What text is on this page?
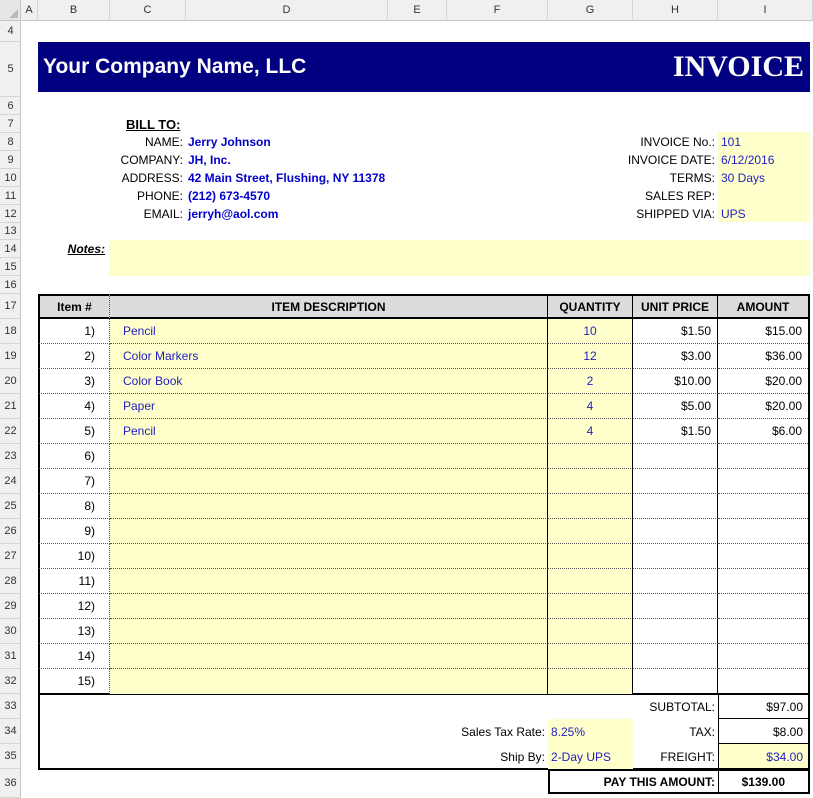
A	B	C	D	E	F	G	H	I
4
5
6
7
8
9
10
11
12
13
14
15
16
17
18
19
20
21
22
23
24
25
26
27
28
29
30
31
32
33
34
35
36
Your Company Name, LLC	INVOICE
BILL TO:
NAME: Jerry Johnson
COMPANY: JH, Inc.
ADDRESS: 42 Main Street, Flushing, NY 11378
PHONE: (212) 673-4570
EMAIL: jerryh@aol.com
INVOICE No.: 101
INVOICE DATE: 6/12/2016
TERMS: 30 Days
SALES REP:
SHIPPED VIA: UPS
Notes:
Item #	ITEM DESCRIPTION	QUANTITY	UNIT PRICE	AMOUNT
1)	Pencil	10	$1.50	$15.00
2)	Color Markers	12	$3.00	$36.00
3)	Color Book	2	$10.00	$20.00
4)	Paper	4	$5.00	$20.00
5)	Pencil	4	$1.50	$6.00
6)
7)
8)
9)
10)
11)
12)
13)
14)
15)
SUBTOTAL:	$97.00
Sales Tax Rate: 8.25%	TAX:	$8.00
Ship By: 2-Day UPS	FREIGHT:	$34.00
PAY THIS AMOUNT: $139.00
